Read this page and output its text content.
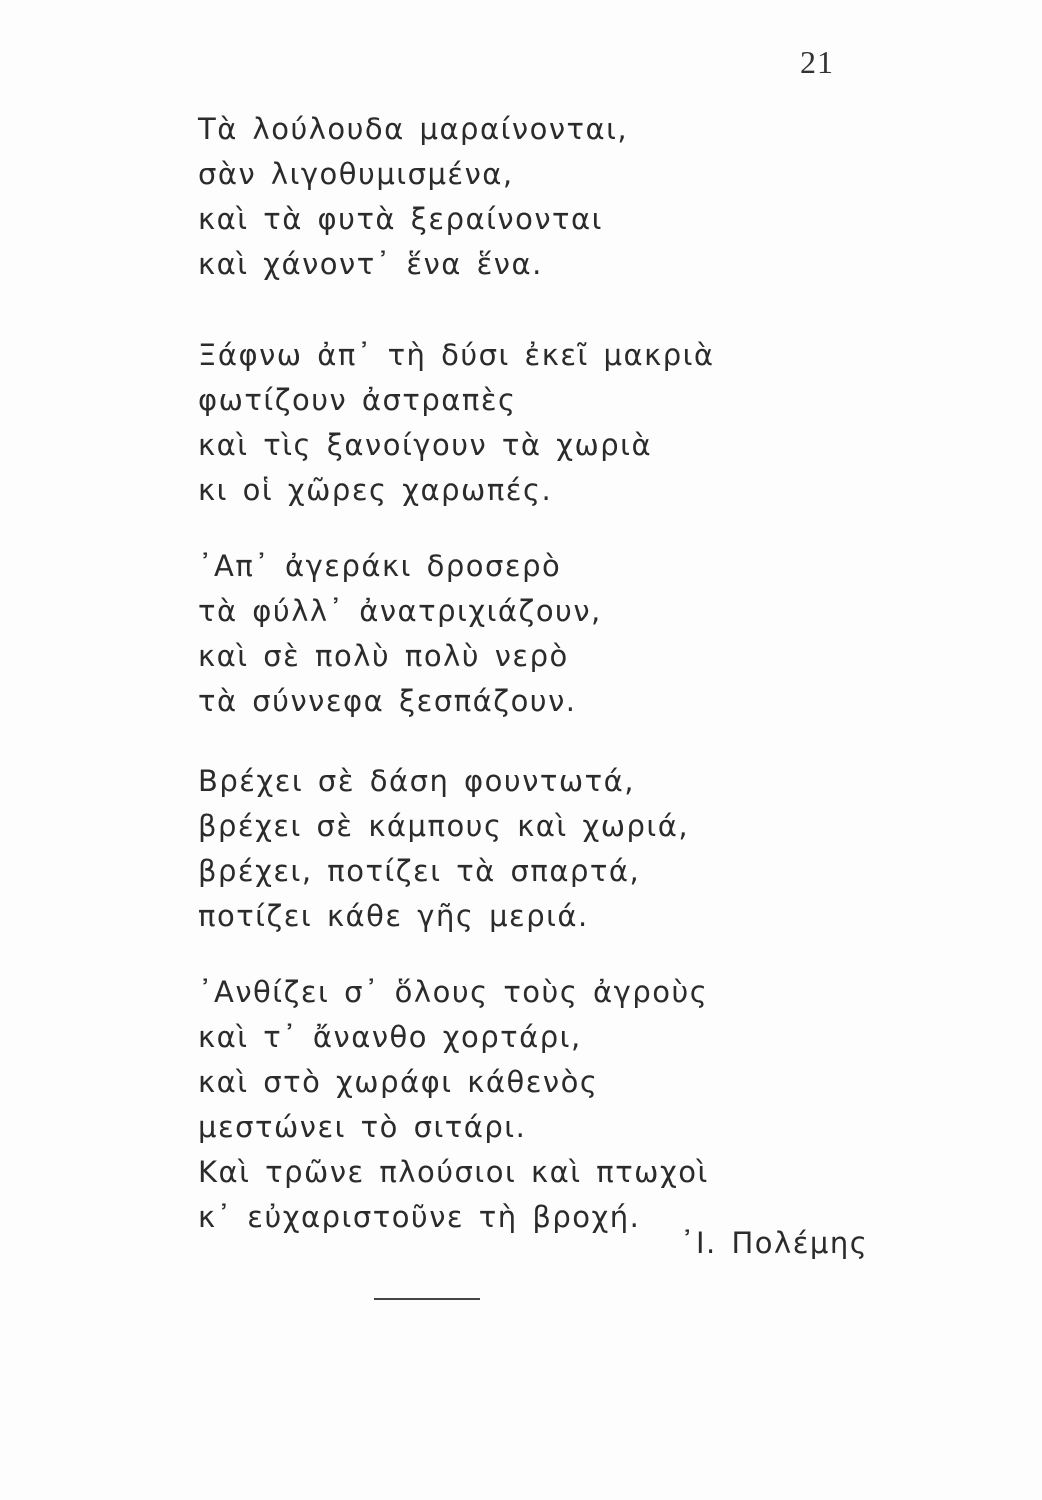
21
Τὰ λούλουδα μαραίνονται,
σὰν λιγοθυμισμένα,
καὶ τὰ φυτὰ ξεραίνονται
καὶ χάνοντ᾿ ἕνα ἕνα.
Ξάφνω ἀπ᾿ τὴ δύσι ἐκεῖ μακριὰ
φωτίζουν ἀστραπὲς
καὶ τὶς ξανοίγουν τὰ χωριὰ
κι οἱ χῶρες χαρωπές.
᾿Απ᾿ ἀγεράκι δροσερὸ
τὰ φύλλ᾿ ἀνατριχιάζουν,
καὶ σὲ πολὺ πολὺ νερὸ
τὰ σύννεφα ξεσπάζουν.
Βρέχει σὲ δάση φουντωτά,
βρέχει σὲ κάμπους καὶ χωριά,
βρέχει, ποτίζει τὰ σπαρτά,
ποτίζει κάθε γῆς μεριά.
᾿Ανθίζει σ᾿ ὅλους τοὺς ἀγροὺς
καὶ τ᾿ ἄνανθο χορτάρι,
καὶ στὸ χωράφι κάθενὸς
μεστώνει τὸ σιτάρι.
Καὶ τρῶνε πλούσιοι καὶ πτωχοὶ
κ᾿ εὐχαριστοῦνε τὴ βροχή.
᾿Ι. Πολέμης
